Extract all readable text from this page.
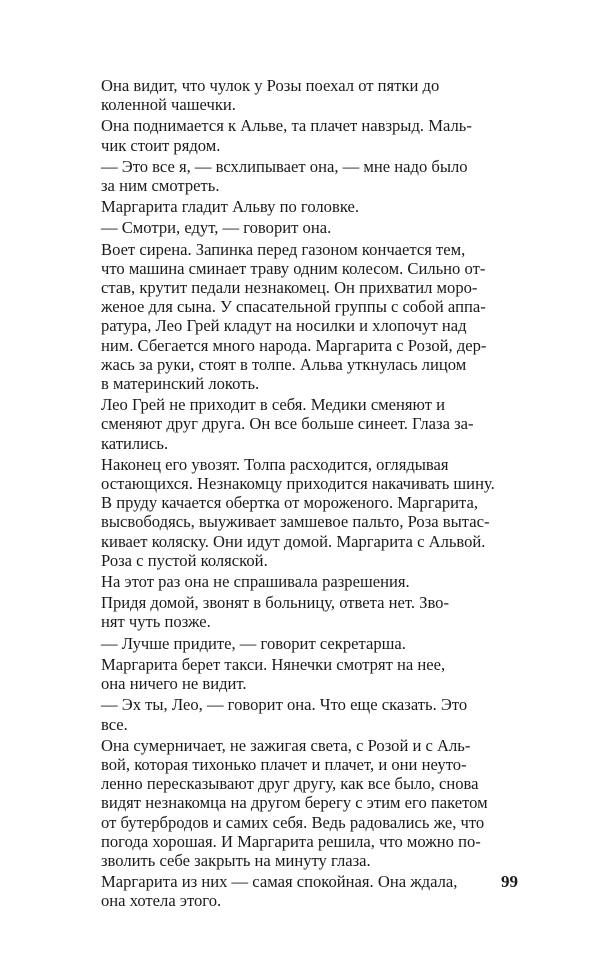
Она видит, что чулок у Розы поехал от пятки до
коленной чашечки.

Она поднимается к Альве, та плачет навзрыд. Маль-
чик стоит рядом.

— Это все я, — всхлипывает она, — мне надо было
за ним смотреть.

Маргарита гладит Альву по головке.

— Смотри, едут, — говорит она.

Воет сирена. Запинка перед газоном кончается тем,
что машина сминает траву одним колесом. Сильно от-
став, крутит педали незнакомец. Он прихватил моро-
женое для сына. У спасательной группы с собой аппа-
ратура, Лео Грей кладут на носилки и хлопочут над
ним. Сбегается много народа. Маргарита с Розой, дер-
жась за руки, стоят в толпе. Альва уткнулась лицом
в материнский локоть.

Лео Грей не приходит в себя. Медики сменяют и
сменяют друг друга. Он все больше синеет. Глаза за-
катились.

Наконец его увозят. Толпа расходится, оглядывая
остающихся. Незнакомцу приходится накачивать шину.
В пруду качается обертка от мороженого. Маргарита,
высвободясь, выуживает замшевое пальто, Роза вытас-
кивает коляску. Они идут домой. Маргарита с Альвой.
Роза с пустой коляской.

На этот раз она не спрашивала разрешения.

Придя домой, звонят в больницу, ответа нет. Зво-
нят чуть позже.

— Лучше придите, — говорит секретарша.

Маргарита берет такси. Нянечки смотрят на нее,
она ничего не видит.

— Эх ты, Лео, — говорит она. Что еще сказать. Это
все.

Она сумерничает, не зажигая света, с Розой и с Аль-
вой, которая тихонько плачет и плачет, и они неуто-
ленно пересказывают друг другу, как все было, снова
видят незнакомца на другом берегу с этим его пакетом
от бутербродов и самих себя. Ведь радовались же, что
погода хорошая. И Маргарита решила, что можно по-
зволить себе закрыть на минуту глаза.

Маргарита из них — самая спокойная. Она ждала,
она хотела этого.

99
